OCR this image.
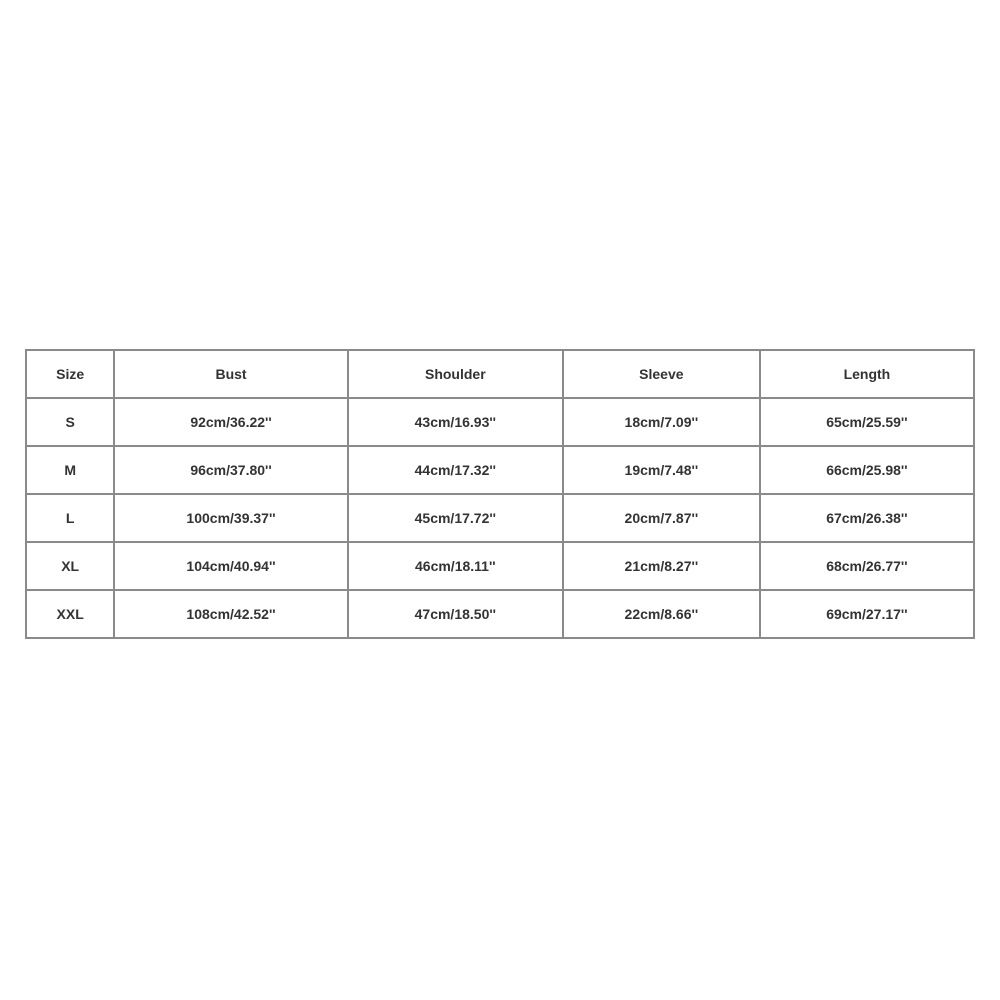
Size	Bust	Shoulder	Sleeve	Length
S	92cm/36.22''	43cm/16.93''	18cm/7.09''	65cm/25.59''
M	96cm/37.80''	44cm/17.32''	19cm/7.48''	66cm/25.98''
L	100cm/39.37''	45cm/17.72''	20cm/7.87''	67cm/26.38''
XL	104cm/40.94''	46cm/18.11''	21cm/8.27''	68cm/26.77''
XXL	108cm/42.52''	47cm/18.50''	22cm/8.66''	69cm/27.17''
